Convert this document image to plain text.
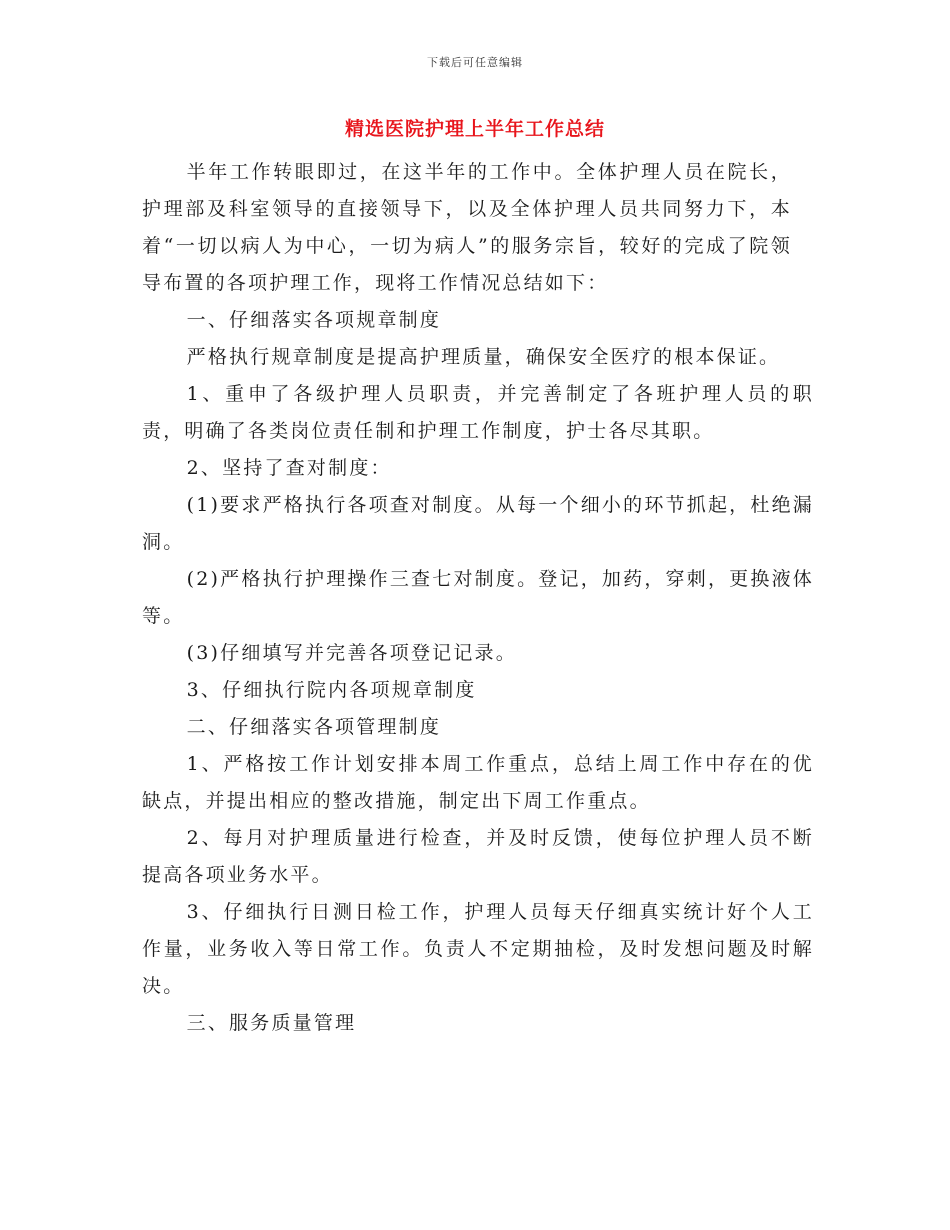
下载后可任意编辑
精选医院护理上半年工作总结

半年工作转眼即过，在这半年的工作中。全体护理人员在院长，护理部及科室领导的直接领导下，以及全体护理人员共同努力下，本着“一切以病人为中心，一切为病人”的服务宗旨，较好的完成了院领导布置的各项护理工作，现将工作情况总结如下：

一、仔细落实各项规章制度

严格执行规章制度是提高护理质量，确保安全医疗的根本保证。

1、重申了各级护理人员职责，并完善制定了各班护理人员的职责，明确了各类岗位责任制和护理工作制度，护士各尽其职。

2、坚持了查对制度：

(1)要求严格执行各项查对制度。从每一个细小的环节抓起，杜绝漏洞。

(2)严格执行护理操作三查七对制度。登记，加药，穿刺，更换液体等。

(3)仔细填写并完善各项登记记录。

3、仔细执行院内各项规章制度

二、仔细落实各项管理制度

1、严格按工作计划安排本周工作重点，总结上周工作中存在的优缺点，并提出相应的整改措施，制定出下周工作重点。

2、每月对护理质量进行检查，并及时反馈，使每位护理人员不断提高各项业务水平。

3、仔细执行日测日检工作，护理人员每天仔细真实统计好个人工作量，业务收入等日常工作。负责人不定期抽检，及时发想问题及时解决。

三、服务质量管理
